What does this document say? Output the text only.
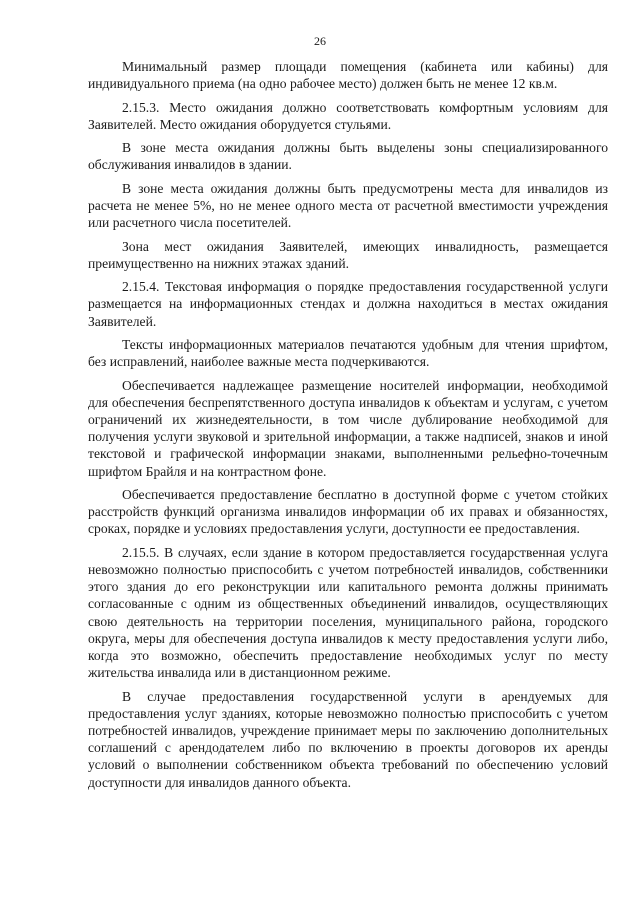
26

Минимальный размер площади помещения (кабинета или кабины) для индивидуального приема (на одно рабочее место) должен быть не менее 12 кв.м.

2.15.3. Место ожидания должно соответствовать комфортным условиям для Заявителей. Место ожидания оборудуется стульями.

В зоне места ожидания должны быть выделены зоны специализированного обслуживания инвалидов в здании.

В зоне места ожидания должны быть предусмотрены места для инвалидов из расчета не менее 5%, но не менее одного места от расчетной вместимости учреждения или расчетного числа посетителей.

Зона мест ожидания Заявителей, имеющих инвалидность, размещается преимущественно на нижних этажах зданий.

2.15.4. Текстовая информация о порядке предоставления государственной услуги размещается на информационных стендах и должна находиться в местах ожидания Заявителей.

Тексты информационных материалов печатаются удобным для чтения шрифтом, без исправлений, наиболее важные места подчеркиваются.

Обеспечивается надлежащее размещение носителей информации, необходимой для обеспечения беспрепятственного доступа инвалидов к объектам и услугам, с учетом ограничений их жизнедеятельности, в том числе дублирование необходимой для получения услуги звуковой и зрительной информации, а также надписей, знаков и иной текстовой и графической информации знаками, выполненными рельефно-точечным шрифтом Брайля и на контрастном фоне.

Обеспечивается предоставление бесплатно в доступной форме с учетом стойких расстройств функций организма инвалидов информации об их правах и обязанностях, сроках, порядке и условиях предоставления услуги, доступности ее предоставления.

2.15.5. В случаях, если здание в котором предоставляется государственная услуга невозможно полностью приспособить с учетом потребностей инвалидов, собственники этого здания до его реконструкции или капитального ремонта должны принимать согласованные с одним из общественных объединений инвалидов, осуществляющих свою деятельность на территории поселения, муниципального района, городского округа, меры для обеспечения доступа инвалидов к месту предоставления услуги либо, когда это возможно, обеспечить предоставление необходимых услуг по месту жительства инвалида или в дистанционном режиме.

В случае предоставления государственной услуги в арендуемых для предоставления услуг зданиях, которые невозможно полностью приспособить с учетом потребностей инвалидов, учреждение принимает меры по заключению дополнительных соглашений с арендодателем либо по включению в проекты договоров их аренды условий о выполнении собственником объекта требований по обеспечению условий доступности для инвалидов данного объекта.
